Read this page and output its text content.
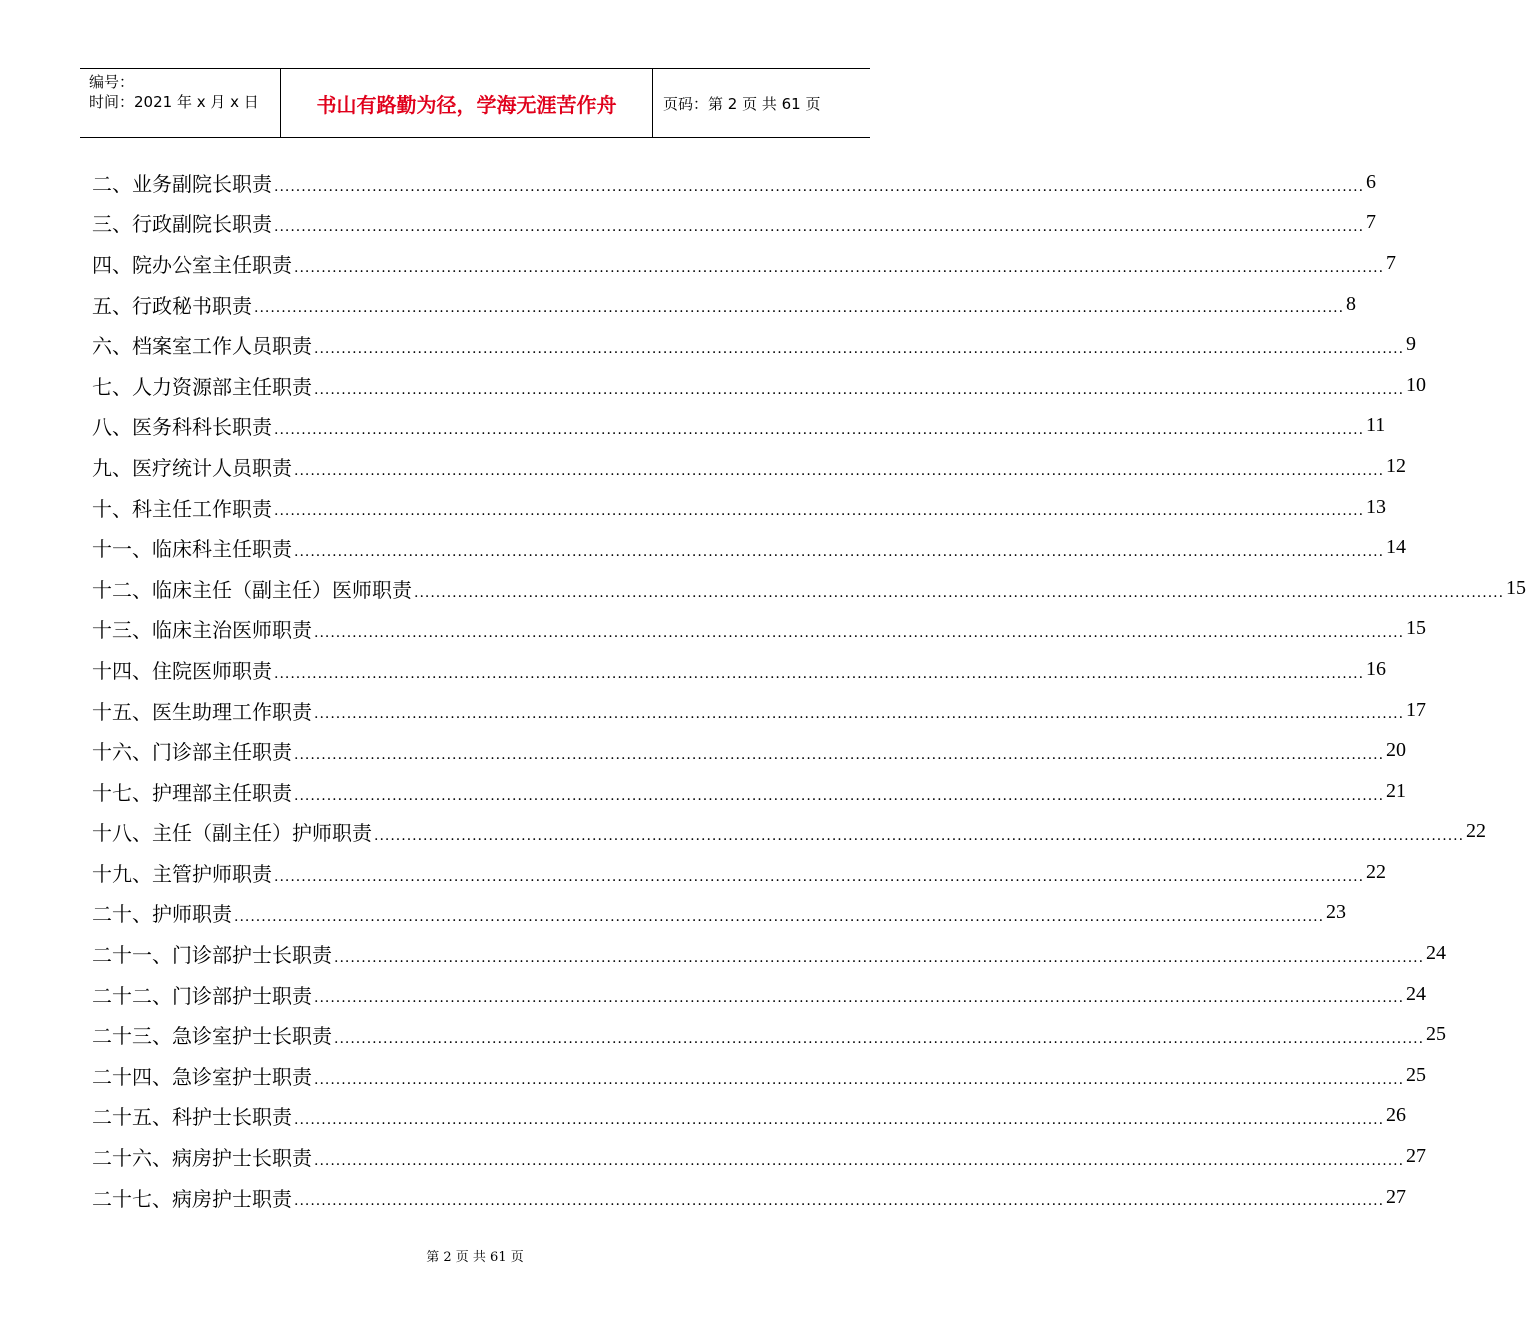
编号：
时间：2021 年 x 月 x 日	书山有路勤为径，学海无涯苦作舟	页码：第 2 页 共 61 页
二、业务副院长职责 ........................................................................................................................................................................................................ 6
三、行政副院长职责 ........................................................................................................................................................................................................ 7
四、院办公室主任职责 ........................................................................................................................................................................................................ 7
五、行政秘书职责 ........................................................................................................................................................................................................ 8
六、档案室工作人员职责 ........................................................................................................................................................................................................ 9
七、人力资源部主任职责 ........................................................................................................................................................................................................ 10
八、医务科科长职责 ........................................................................................................................................................................................................ 11
九、医疗统计人员职责 ........................................................................................................................................................................................................ 12
十、科主任工作职责 ........................................................................................................................................................................................................ 13
十一、临床科主任职责 ........................................................................................................................................................................................................ 14
十二、临床主任（副主任）医师职责 ........................................................................................................................................................................................................ 15
十三、临床主治医师职责 ........................................................................................................................................................................................................ 15
十四、住院医师职责 ........................................................................................................................................................................................................ 16
十五、医生助理工作职责 ........................................................................................................................................................................................................ 17
十六、门诊部主任职责 ........................................................................................................................................................................................................ 20
十七、护理部主任职责 ........................................................................................................................................................................................................ 21
十八、主任（副主任）护师职责 ........................................................................................................................................................................................................ 22
十九、主管护师职责 ........................................................................................................................................................................................................ 22
二十、护师职责 ........................................................................................................................................................................................................ 23
二十一、门诊部护士长职责 ........................................................................................................................................................................................................ 24
二十二、门诊部护士职责 ........................................................................................................................................................................................................ 24
二十三、急诊室护士长职责 ........................................................................................................................................................................................................ 25
二十四、急诊室护士职责 ........................................................................................................................................................................................................ 25
二十五、科护士长职责 ........................................................................................................................................................................................................ 26
二十六、病房护士长职责 ........................................................................................................................................................................................................ 27
二十七、病房护士职责 ........................................................................................................................................................................................................ 27
第 2 页 共 61 页
